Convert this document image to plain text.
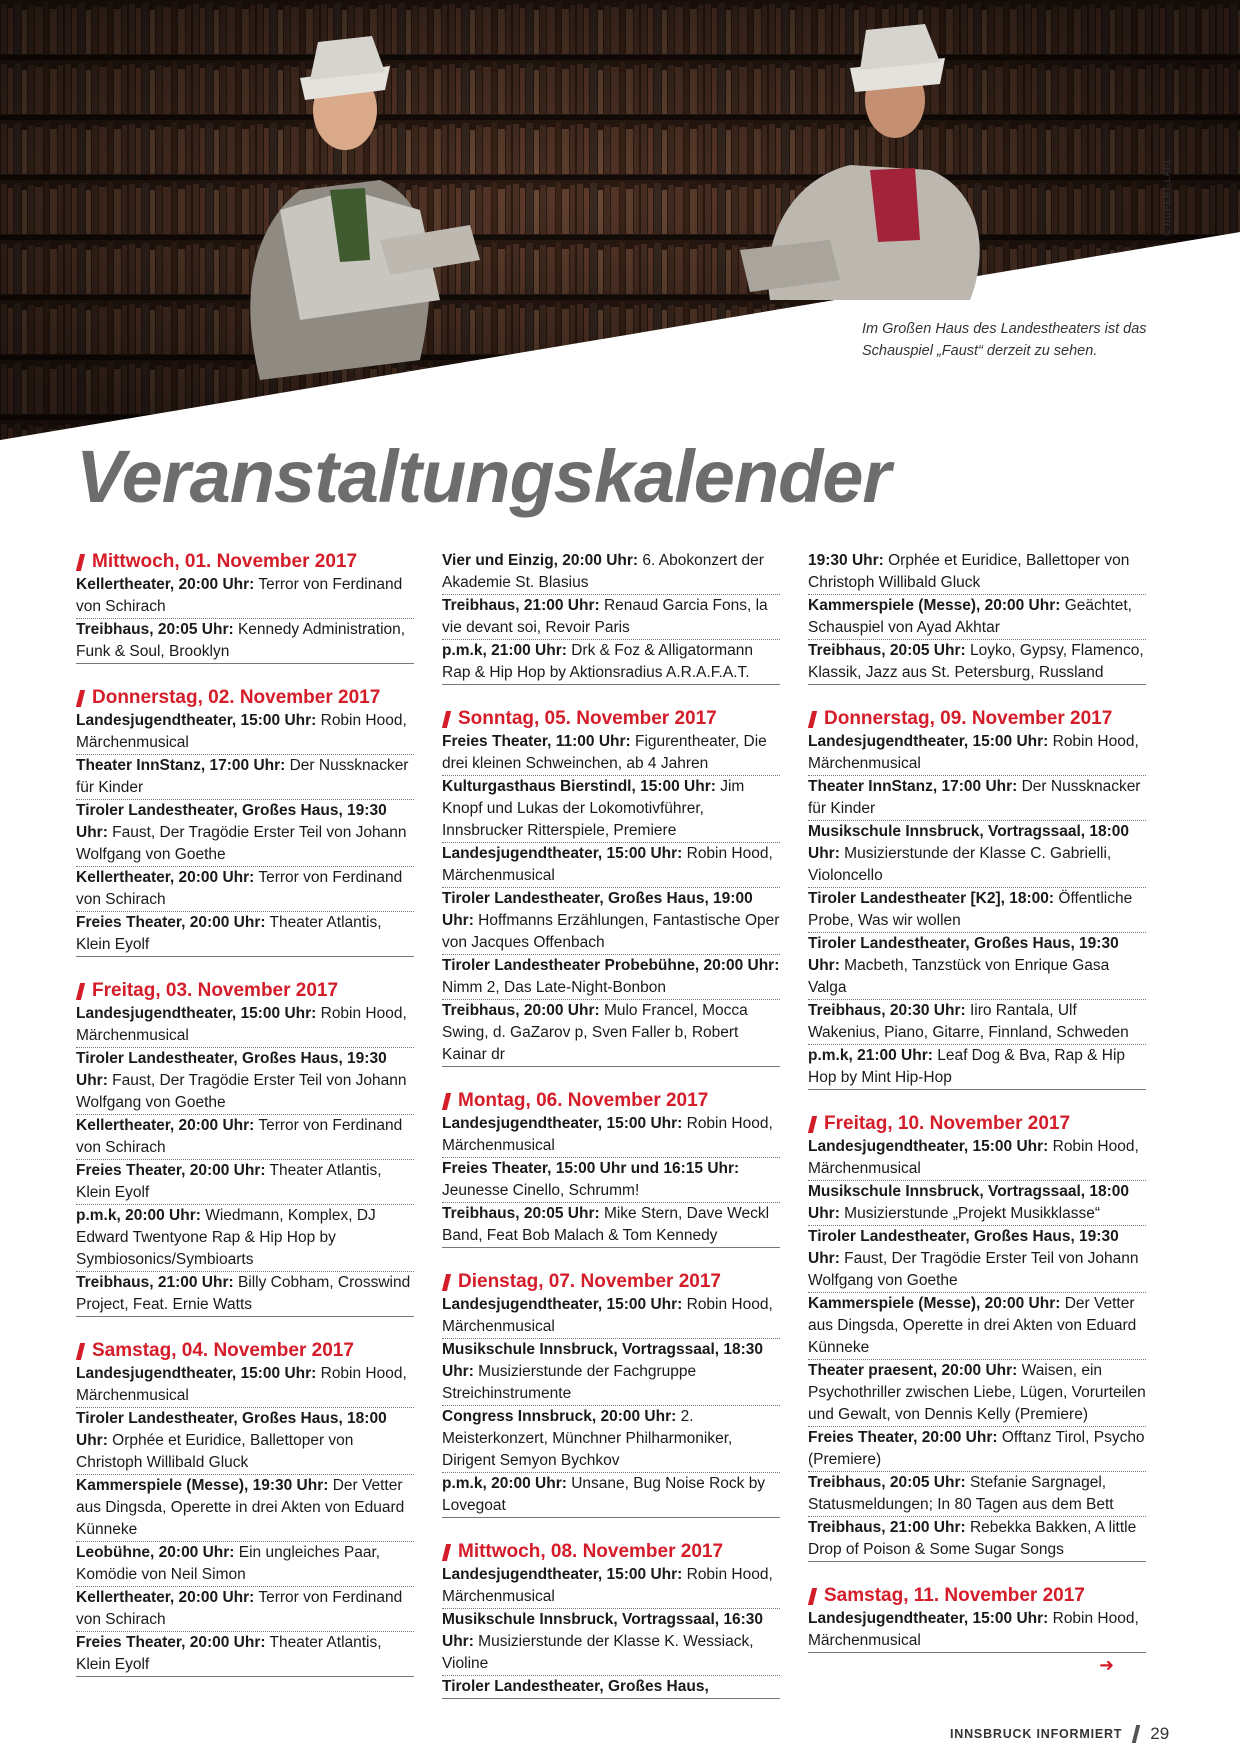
© RUPERT LARL
Im Großen Haus des Landestheaters ist das Schauspiel „Faust“ derzeit zu sehen.
Veranstaltungskalender
Mittwoch, 01. November 2017
Kellertheater, 20:00 Uhr: Terror von Ferdinand von Schirach
Treibhaus, 20:05 Uhr: Kennedy Administration, Funk & Soul, Brooklyn
Donnerstag, 02. November 2017
Landesjugendtheater, 15:00 Uhr: Robin Hood, Märchenmusical
Theater InnStanz, 17:00 Uhr: Der Nussknacker für Kinder
Tiroler Landestheater, Großes Haus, 19:30 Uhr: Faust, Der Tragödie Erster Teil von Johann Wolfgang von Goethe
Kellertheater, 20:00 Uhr: Terror von Ferdinand von Schirach
Freies Theater, 20:00 Uhr: Theater Atlantis, Klein Eyolf
Freitag, 03. November 2017
Landesjugendtheater, 15:00 Uhr: Robin Hood, Märchenmusical
Tiroler Landestheater, Großes Haus, 19:30 Uhr: Faust, Der Tragödie Erster Teil von Johann Wolfgang von Goethe
Kellertheater, 20:00 Uhr: Terror von Ferdinand von Schirach
Freies Theater, 20:00 Uhr: Theater Atlantis, Klein Eyolf
p.m.k, 20:00 Uhr: Wiedmann, Komplex, DJ Edward Twentyone Rap & Hip Hop by Symbiosonics/Symbioarts
Treibhaus, 21:00 Uhr: Billy Cobham, Crosswind Project, Feat. Ernie Watts
Samstag, 04. November 2017
Landesjugendtheater, 15:00 Uhr: Robin Hood, Märchenmusical
Tiroler Landestheater, Großes Haus, 18:00 Uhr: Orphée et Euridice, Ballettoper von Christoph Willibald Gluck
Kammerspiele (Messe), 19:30 Uhr: Der Vetter aus Dingsda, Operette in drei Akten von Eduard Künneke
Leobühne, 20:00 Uhr: Ein ungleiches Paar, Komödie von Neil Simon
Kellertheater, 20:00 Uhr: Terror von Ferdinand von Schirach
Freies Theater, 20:00 Uhr: Theater Atlantis, Klein Eyolf
Vier und Einzig, 20:00 Uhr: 6. Abokonzert der Akademie St. Blasius
Treibhaus, 21:00 Uhr: Renaud Garcia Fons, la vie devant soi, Revoir Paris
p.m.k, 21:00 Uhr: Drk & Foz & Alligatormann Rap & Hip Hop by Aktionsradius A.R.A.F.A.T.
Sonntag, 05. November 2017
Freies Theater, 11:00 Uhr: Figurentheater, Die drei kleinen Schweinchen, ab 4 Jahren
Kulturgasthaus Bierstindl, 15:00 Uhr: Jim Knopf und Lukas der Lokomotivführer, Innsbrucker Ritterspiele, Premiere
Landesjugendtheater, 15:00 Uhr: Robin Hood, Märchenmusical
Tiroler Landestheater, Großes Haus, 19:00 Uhr: Hoffmanns Erzählungen, Fantastische Oper von Jacques Offenbach
Tiroler Landestheater Probebühne, 20:00 Uhr: Nimm 2, Das Late-Night-Bonbon
Treibhaus, 20:00 Uhr: Mulo Francel, Mocca Swing, d. GaZarov p, Sven Faller b, Robert Kainar dr
Montag, 06. November 2017
Landesjugendtheater, 15:00 Uhr: Robin Hood, Märchenmusical
Freies Theater, 15:00 Uhr und 16:15 Uhr: Jeunesse Cinello, Schrumm!
Treibhaus, 20:05 Uhr: Mike Stern, Dave Weckl Band, Feat Bob Malach & Tom Kennedy
Dienstag, 07. November 2017
Landesjugendtheater, 15:00 Uhr: Robin Hood, Märchenmusical
Musikschule Innsbruck, Vortragssaal, 18:30 Uhr: Musizierstunde der Fachgruppe Streichinstrumente
Congress Innsbruck, 20:00 Uhr: 2. Meisterkonzert, Münchner Philharmoniker, Dirigent Semyon Bychkov
p.m.k, 20:00 Uhr: Unsane, Bug Noise Rock by Lovegoat
Mittwoch, 08. November 2017
Landesjugendtheater, 15:00 Uhr: Robin Hood, Märchenmusical
Musikschule Innsbruck, Vortragssaal, 16:30 Uhr: Musizierstunde der Klasse K. Wessiack, Violine
Tiroler Landestheater, Großes Haus,
19:30 Uhr: Orphée et Euridice, Ballettoper von Christoph Willibald Gluck
Kammerspiele (Messe), 20:00 Uhr: Geächtet, Schauspiel von Ayad Akhtar
Treibhaus, 20:05 Uhr: Loyko, Gypsy, Flamenco, Klassik, Jazz aus St. Petersburg, Russland
Donnerstag, 09. November 2017
Landesjugendtheater, 15:00 Uhr: Robin Hood, Märchenmusical
Theater InnStanz, 17:00 Uhr: Der Nussknacker für Kinder
Musikschule Innsbruck, Vortragssaal, 18:00 Uhr: Musizierstunde der Klasse C. Gabrielli, Violoncello
Tiroler Landestheater [K2], 18:00: Öffentliche Probe, Was wir wollen
Tiroler Landestheater, Großes Haus, 19:30 Uhr: Macbeth, Tanzstück von Enrique Gasa Valga
Treibhaus, 20:30 Uhr: Iiro Rantala, Ulf Wakenius, Piano, Gitarre, Finnland, Schweden
p.m.k, 21:00 Uhr: Leaf Dog & Bva, Rap & Hip Hop by Mint Hip-Hop
Freitag, 10. November 2017
Landesjugendtheater, 15:00 Uhr: Robin Hood, Märchenmusical
Musikschule Innsbruck, Vortragssaal, 18:00 Uhr: Musizierstunde „Projekt Musikklasse“
Tiroler Landestheater, Großes Haus, 19:30 Uhr: Faust, Der Tragödie Erster Teil von Johann Wolfgang von Goethe
Kammerspiele (Messe), 20:00 Uhr: Der Vetter aus Dingsda, Operette in drei Akten von Eduard Künneke
Theater praesent, 20:00 Uhr: Waisen, ein Psychothriller zwischen Liebe, Lügen, Vorurteilen und Gewalt, von Dennis Kelly (Premiere)
Freies Theater, 20:00 Uhr: Offtanz Tirol, Psycho (Premiere)
Treibhaus, 20:05 Uhr: Stefanie Sargnagel, Statusmeldungen; In 80 Tagen aus dem Bett
Treibhaus, 21:00 Uhr: Rebekka Bakken, A little Drop of Poison & Some Sugar Songs
Samstag, 11. November 2017
Landesjugendtheater, 15:00 Uhr: Robin Hood, Märchenmusical
➜
INNSBRUCK INFORMIERT 29
